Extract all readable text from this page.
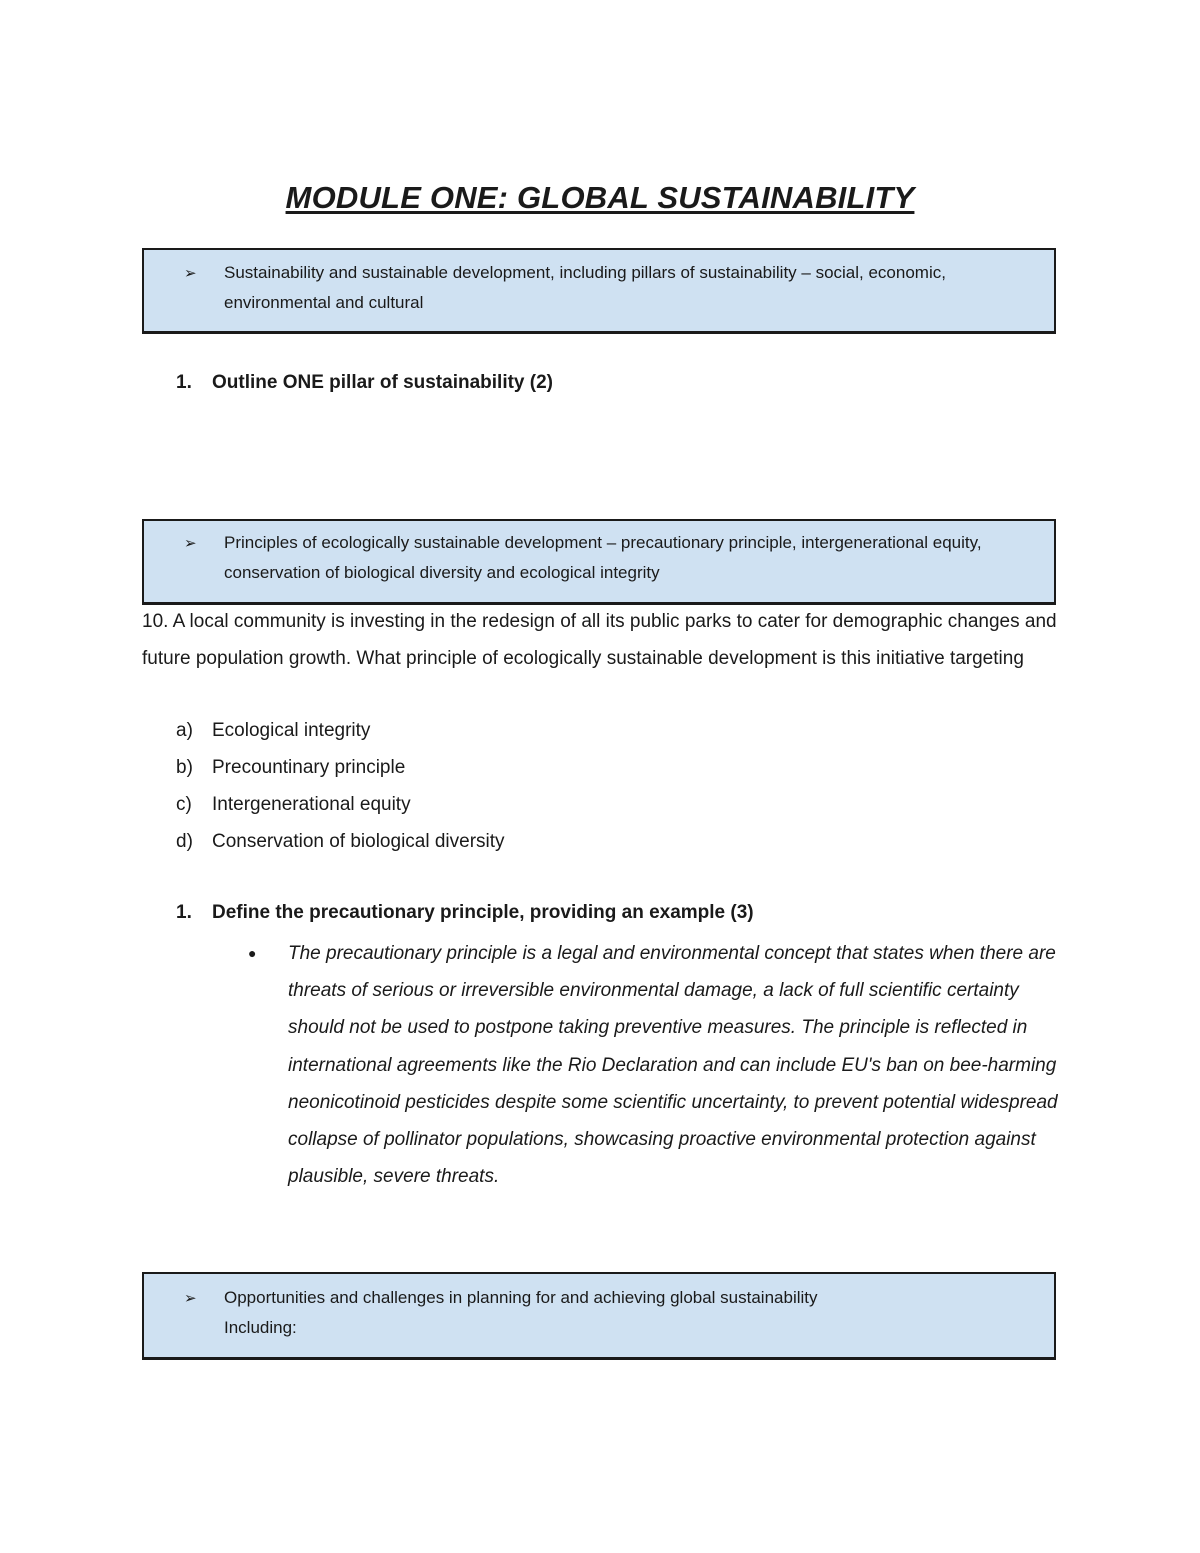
MODULE ONE: GLOBAL SUSTAINABILITY
➢	Sustainability and sustainable development, including pillars of sustainability – social, economic, environmental and cultural
1.	Outline ONE pillar of sustainability (2)
➢	Principles of ecologically sustainable development – precautionary principle, intergenerational equity, conservation of biological diversity and ecological integrity
10. A local community is investing in the redesign of all its public parks to cater for demographic changes and future population growth. What principle of ecologically sustainable development is this initiative targeting
a)	Ecological integrity
b)	Precountinary principle
c)	Intergenerational equity
d)	Conservation of biological diversity
1.	Define the precautionary principle, providing an example (3)
●	The precautionary principle is a legal and environmental concept that states when there are threats of serious or irreversible environmental damage, a lack of full scientific certainty should not be used to postpone taking preventive measures. The principle is reflected in international agreements like the Rio Declaration and can include EU's ban on bee-harming neonicotinoid pesticides despite some scientific uncertainty, to prevent potential widespread collapse of pollinator populations, showcasing proactive environmental protection against plausible, severe threats.
➢	Opportunities and challenges in planning for and achieving global sustainability
Including:
